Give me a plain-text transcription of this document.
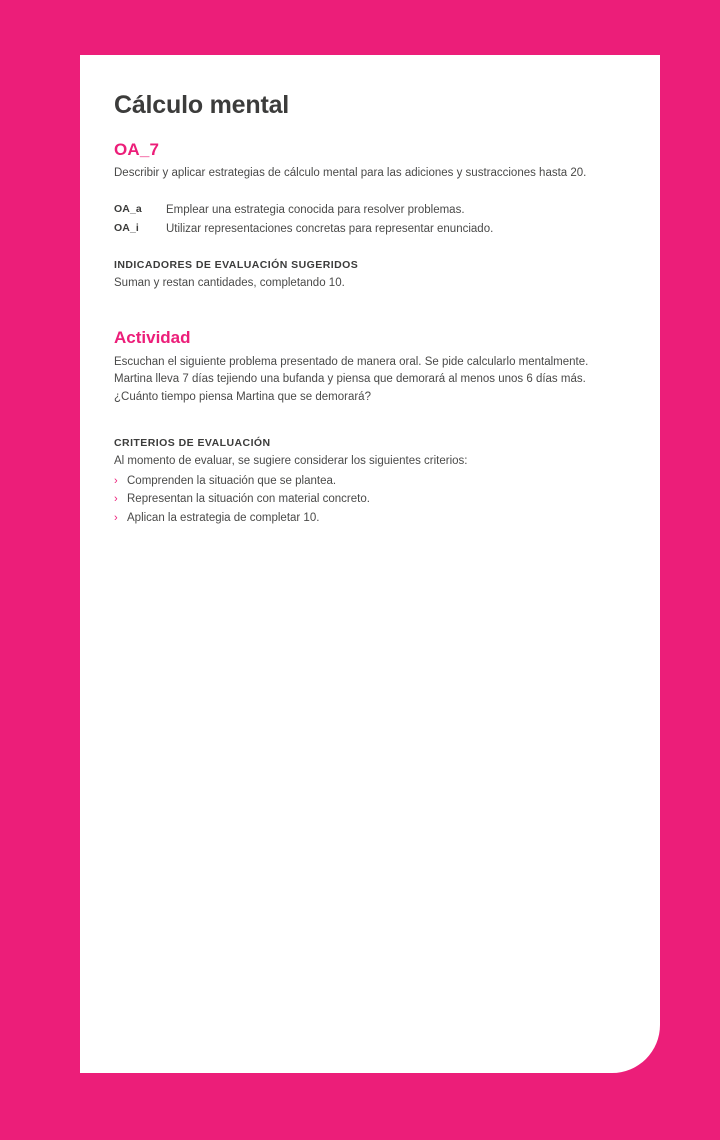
Cálculo mental
OA_7

Describir y aplicar estrategias de cálculo mental para las adiciones y sustracciones hasta 20.

OA_a	Emplear una estrategia conocida para resolver problemas.
OA_i	Utilizar representaciones concretas para representar enunciado.
INDICADORES DE EVALUACIÓN SUGERIDOS

Suman y restan cantidades, completando 10.

Actividad

Escuchan el siguiente problema presentado de manera oral. Se pide calcularlo mentalmente.

Martina lleva 7 días tejiendo una bufanda y piensa que demorará al menos unos 6 días más.

¿Cuánto tiempo piensa Martina que se demorará?

CRITERIOS DE EVALUACIÓN

Al momento de evaluar, se sugiere considerar los siguientes criterios:

› Comprenden la situación que se plantea.
› Representan la situación con material concreto.
› Aplican la estrategia de completar 10.
